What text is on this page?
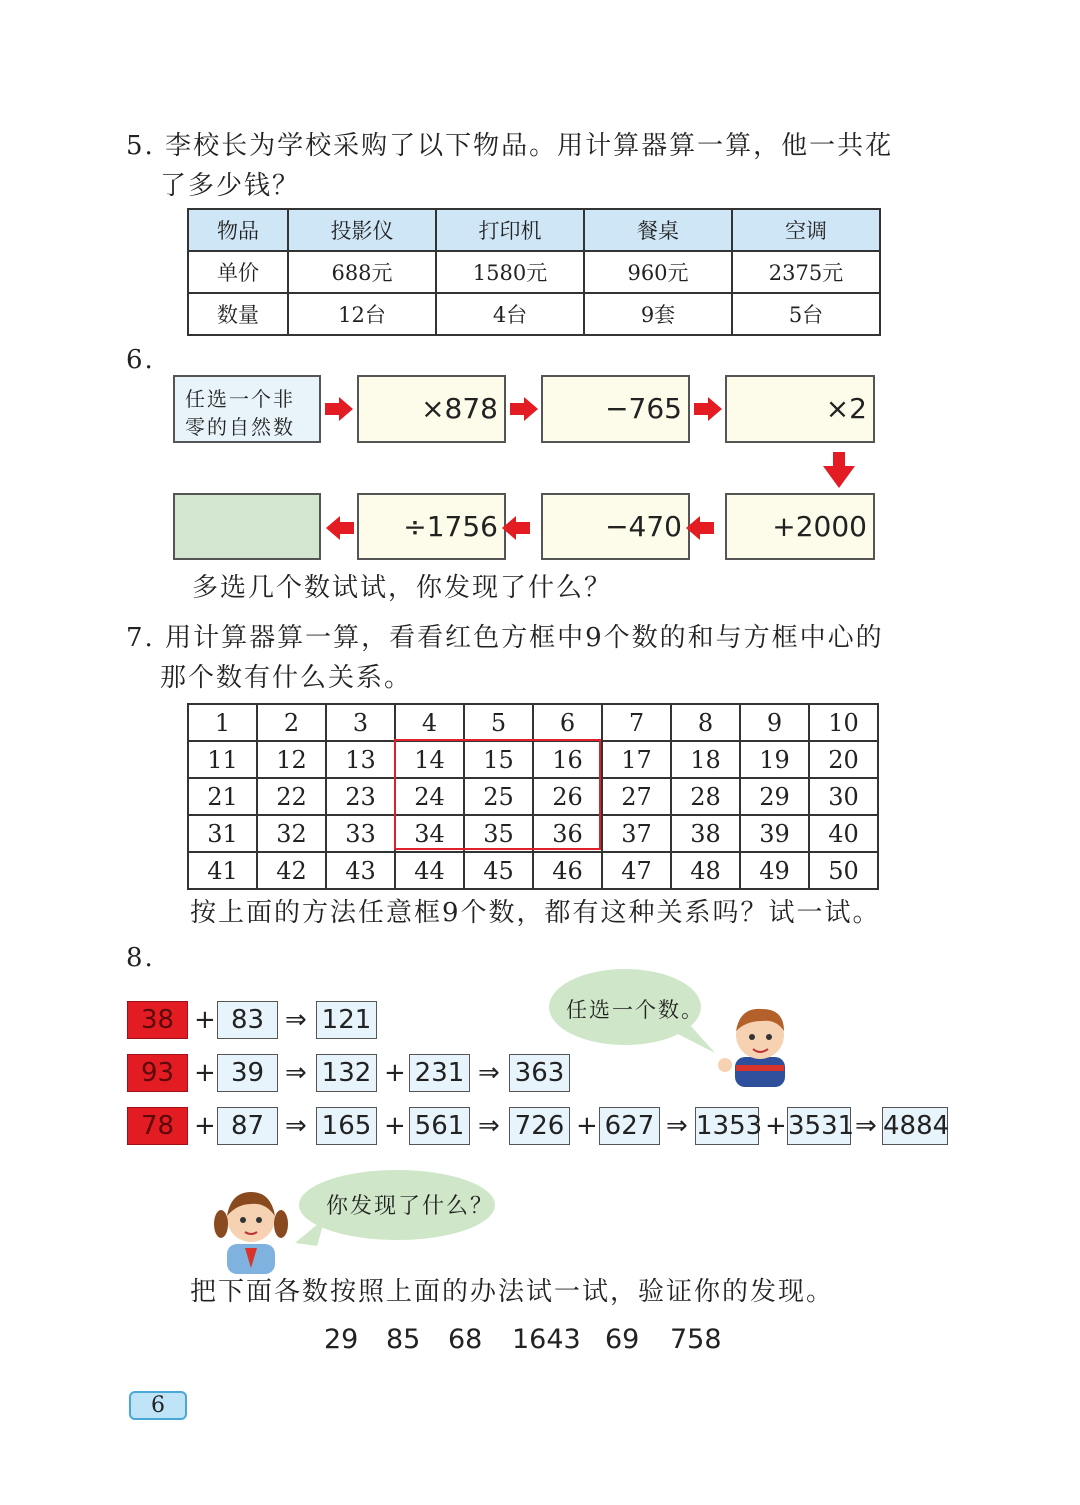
5. 李校长为学校采购了以下物品。用计算器算一算，他一共花
了多少钱？
物品	投影仪	打印机	餐桌	空调
单价	688元	1580元	960元	2375元
数量	12台	4台	9套	5台
6.
任选一个非零的自然数
×878	−765	×2
÷1756	−470	+2000
多选几个数试试，你发现了什么？
7. 用计算器算一算，看看红色方框中9个数的和与方框中心的
那个数有什么关系。
1	2	3	4	5	6	7	8	9	10
11	12	13	14	15	16	17	18	19	20
21	22	23	24	25	26	27	28	29	30
31	32	33	34	35	36	37	38	39	40
41	42	43	44	45	46	47	48	49	50
按上面的方法任意框9个数，都有这种关系吗？试一试。
8.
38 + 83 ⇒ 121
93 + 39 ⇒ 132 + 231 ⇒ 363
78 + 87 ⇒ 165 + 561 ⇒ 726 + 627 ⇒ 1353 + 3531 ⇒ 4884
任选一个数。
你发现了什么？
把下面各数按照上面的办法试一试，验证你的发现。
29 85 68 1643 69 758
6
